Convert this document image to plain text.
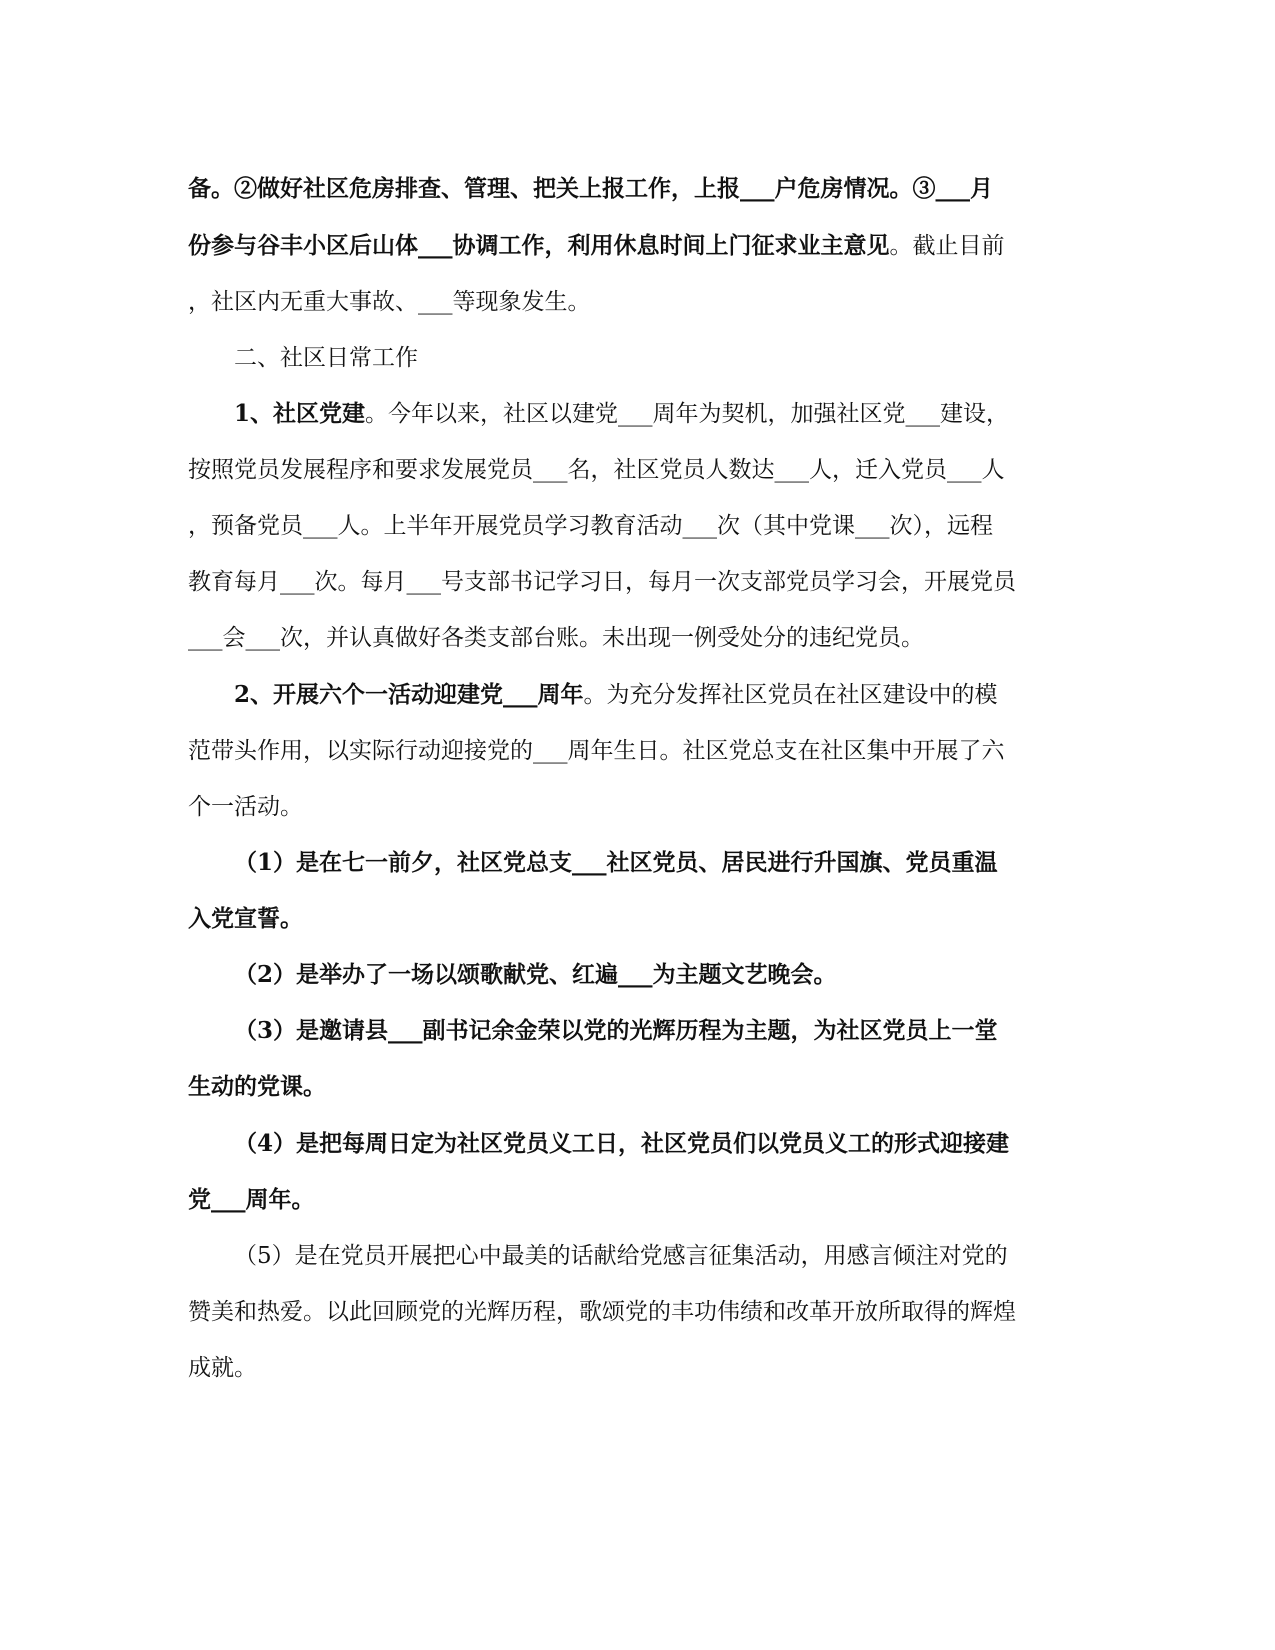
备。②做好社区危房排查、管理、把关上报工作，上报___户危房情况。③___月
份参与谷丰小区后山体___协调工作，利用休息时间上门征求业主意见。截止目前
，社区内无重大事故、___等现象发生。
二、社区日常工作
1、社区党建。今年以来，社区以建党___周年为契机，加强社区党___建设，
按照党员发展程序和要求发展党员___名，社区党员人数达___人，迁入党员___人
，预备党员___人。上半年开展党员学习教育活动___次（其中党课___次），远程
教育每月___次。每月___号支部书记学习日，每月一次支部党员学习会，开展党员
___会___次，并认真做好各类支部台账。未出现一例受处分的违纪党员。
2、开展六个一活动迎建党___周年。为充分发挥社区党员在社区建设中的模
范带头作用，以实际行动迎接党的___周年生日。社区党总支在社区集中开展了六
个一活动。
（1）是在七一前夕，社区党总支___社区党员、居民进行升国旗、党员重温
入党宣誓。
（2）是举办了一场以颂歌献党、红遍___为主题文艺晚会。
（3）是邀请县___副书记余金荣以党的光辉历程为主题，为社区党员上一堂
生动的党课。
（4）是把每周日定为社区党员义工日，社区党员们以党员义工的形式迎接建
党___周年。
（5）是在党员开展把心中最美的话献给党感言征集活动，用感言倾注对党的
赞美和热爱。以此回顾党的光辉历程，歌颂党的丰功伟绩和改革开放所取得的辉煌
成就。
